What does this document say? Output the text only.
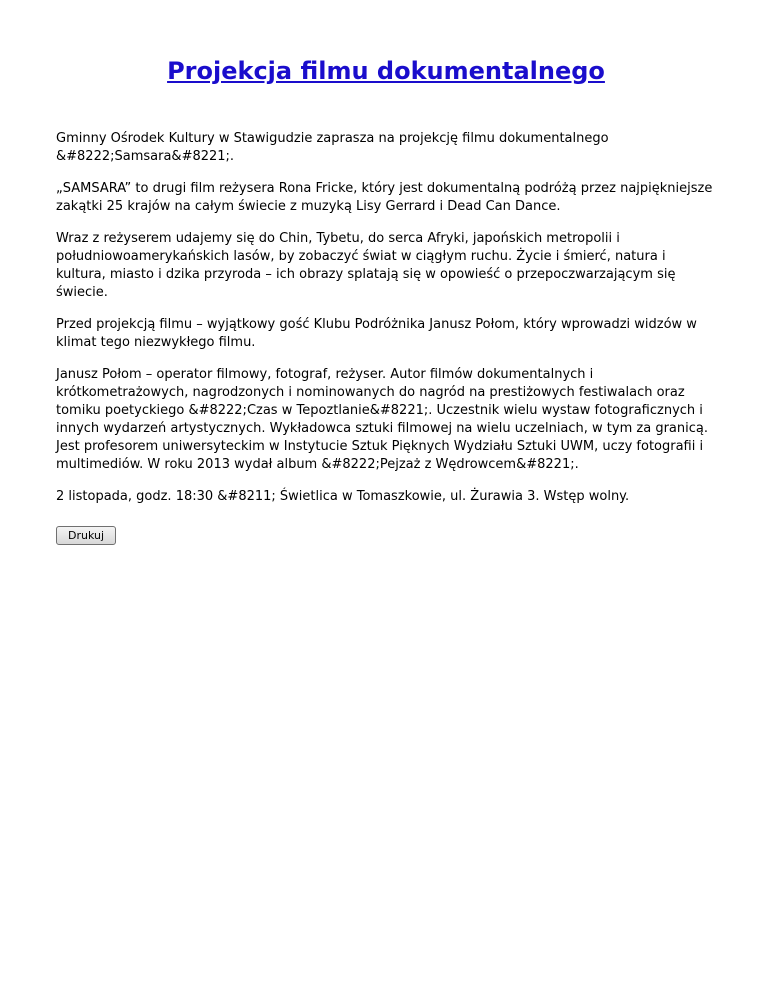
Projekcja filmu dokumentalnego

Gminny Ośrodek Kultury w Stawigudzie zaprasza na projekcję filmu dokumentalnego &#8222;Samsara&#8221;.

„SAMSARA” to drugi film reżysera Rona Fricke, który jest dokumentalną podróżą przez najpiękniejsze zakątki 25 krajów na całym świecie z muzyką Lisy Gerrard i Dead Can Dance.

Wraz z reżyserem udajemy się do Chin, Tybetu, do serca Afryki, japońskich metropolii i południowoamerykańskich lasów, by zobaczyć świat w ciągłym ruchu. Życie i śmierć, natura i kultura, miasto i dzika przyroda – ich obrazy splatają się w opowieść o przepoczwarzającym się świecie.

Przed projekcją filmu – wyjątkowy gość Klubu Podróżnika Janusz Połom, który wprowadzi widzów w klimat tego niezwykłego filmu.

Janusz Połom – operator filmowy, fotograf, reżyser. Autor filmów dokumentalnych i krótkometrażowych, nagrodzonych i nominowanych do nagród na prestiżowych festiwalach oraz tomiku poetyckiego &#8222;Czas w Tepoztlanie&#8221;. Uczestnik wielu wystaw fotograficznych i innych wydarzeń artystycznych. Wykładowca sztuki filmowej na wielu uczelniach, w tym za granicą. Jest profesorem uniwersyteckim w Instytucie Sztuk Pięknych Wydziału Sztuki UWM, uczy fotografii i multimediów. W roku 2013 wydał album &#8222;Pejzaż z Wędrowcem&#8221;.

2 listopada, godz. 18:30 &#8211; Świetlica w Tomaszkowie, ul. Żurawia 3. Wstęp wolny.

Drukuj
